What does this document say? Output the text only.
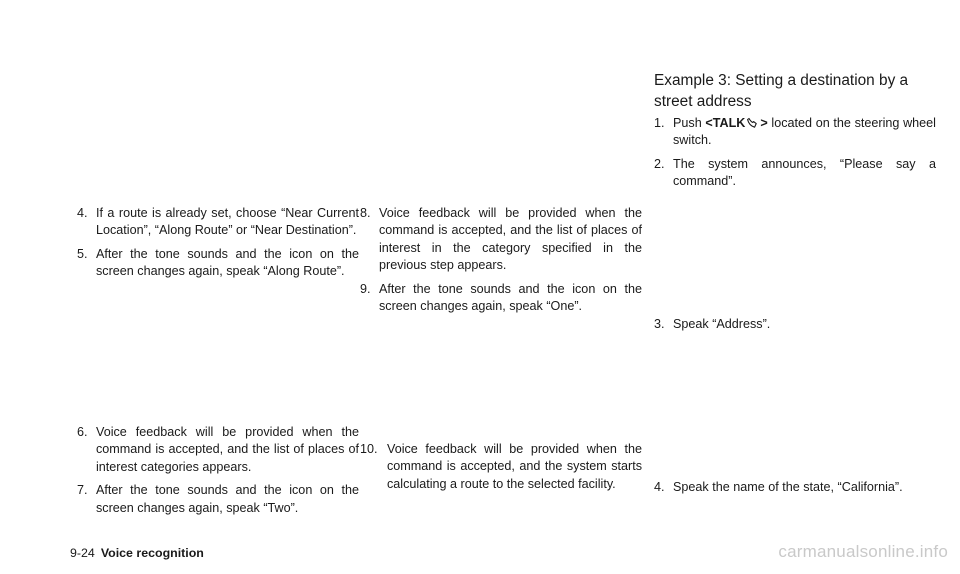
4. If a route is already set, choose “Near Current Location”, “Along Route” or “Near Destination”.
5. After the tone sounds and the icon on the screen changes again, speak “Along Route”.
6. Voice feedback will be provided when the command is accepted, and the list of places of interest categories appears.
7. After the tone sounds and the icon on the screen changes again, speak “Two”.
8. Voice feedback will be provided when the command is accepted, and the list of places of interest in the category specified in the previous step appears.
9. After the tone sounds and the icon on the screen changes again, speak “One”.
10. Voice feedback will be provided when the command is accepted, and the system starts calculating a route to the selected facility.
Example 3: Setting a destination by a street address
1. Push <TALK > located on the steering wheel switch.
2. The system announces, “Please say a command”.
3. Speak “Address”.
4. Speak the name of the state, “California”.
9-24 Voice recognition	carmanualsonline.info
